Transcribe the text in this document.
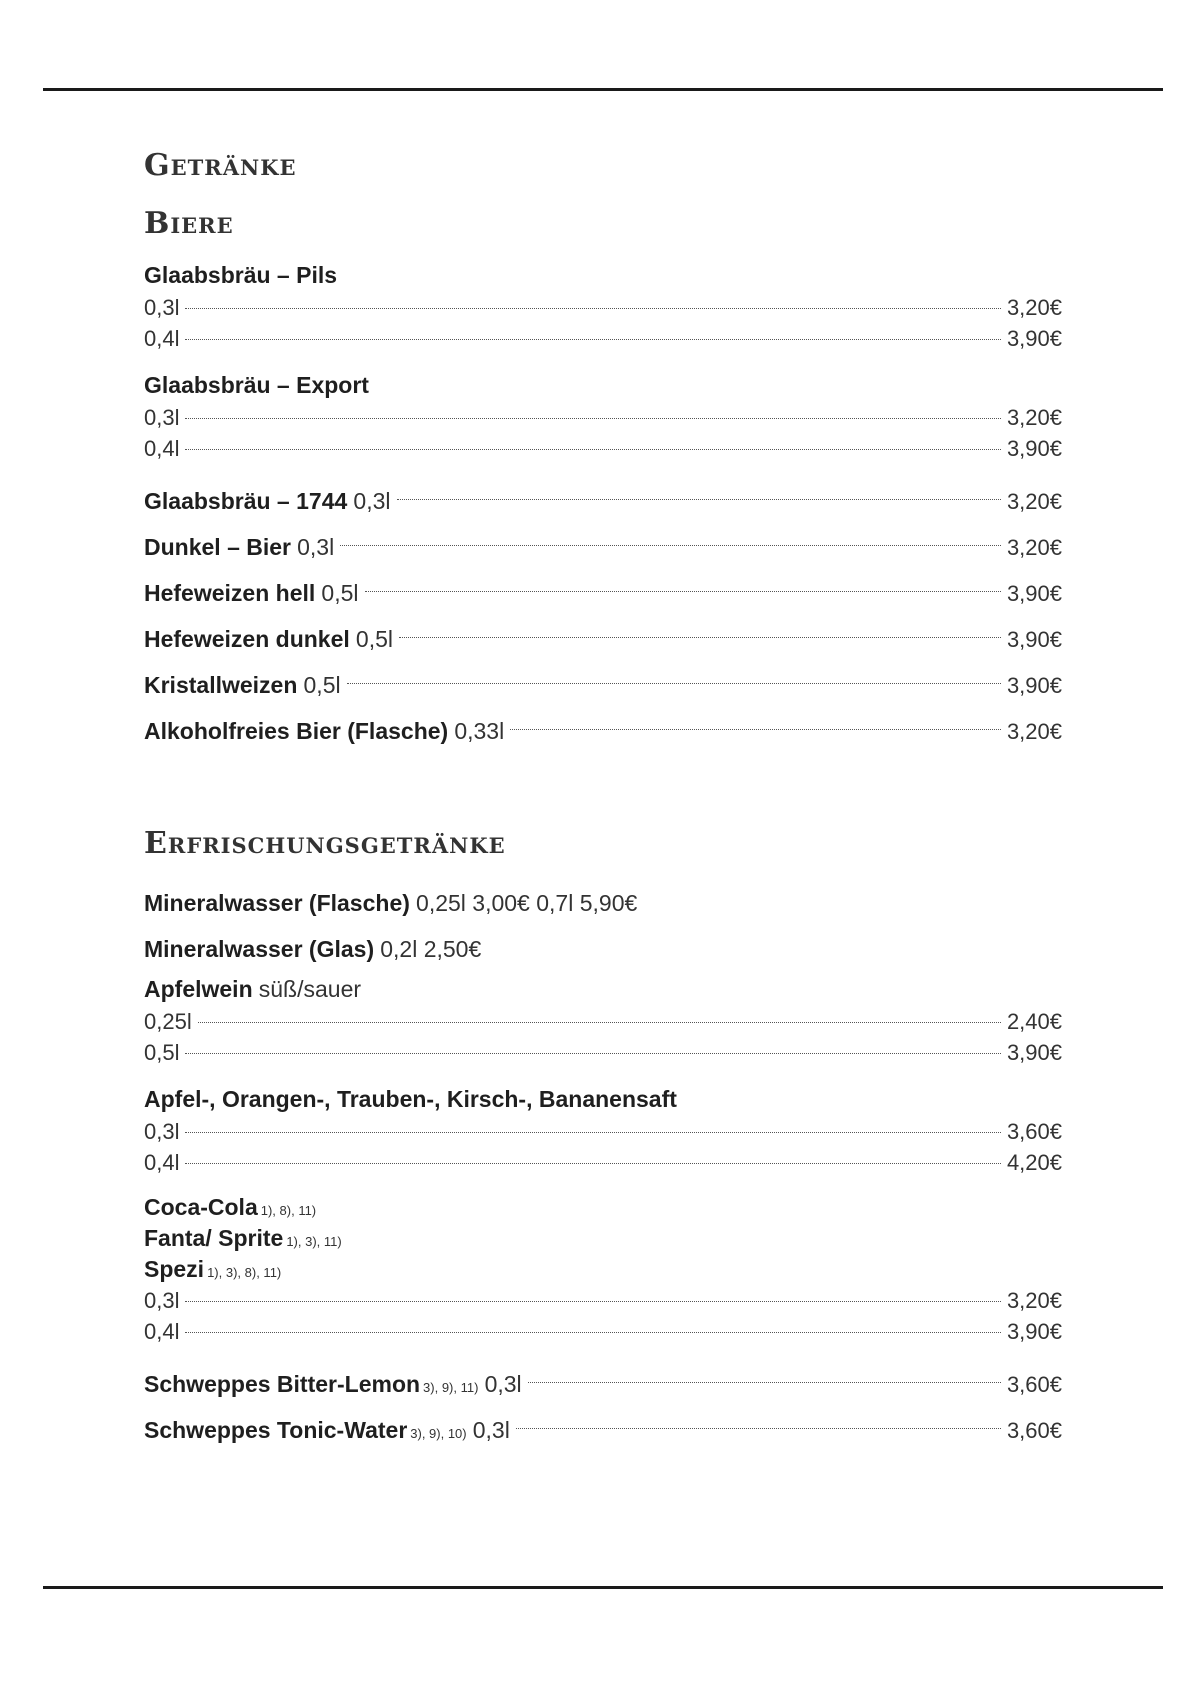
Getränke
Biere
Glaabsbräu – Pils
0,3l	3,20€
0,4l	3,90€
Glaabsbräu – Export
0,3l	3,20€
0,4l	3,90€
Glaabsbräu – 1744 0,3l	3,20€
Dunkel – Bier 0,3l	3,20€
Hefeweizen hell 0,5l	3,90€
Hefeweizen dunkel 0,5l	3,90€
Kristallweizen 0,5l	3,90€
Alkoholfreies Bier (Flasche) 0,33l	3,20€
Erfrischungsgetränke
Mineralwasser (Flasche) 0,25l 3,00€ 0,7l 5,90€
Mineralwasser (Glas) 0,2l 2,50€
Apfelwein süß/sauer
0,25l	2,40€
0,5l	3,90€
Apfel-, Orangen-, Trauben-, Kirsch-, Bananensaft
0,3l	3,60€
0,4l	4,20€
Coca-Cola 1), 8), 11)
Fanta/ Sprite 1), 3), 11)
Spezi 1), 3), 8), 11)
0,3l	3,20€
0,4l	3,90€
Schweppes Bitter-Lemon 3), 9), 11) 0,3l	3,60€
Schweppes Tonic-Water 3), 9), 10) 0,3l	3,60€
